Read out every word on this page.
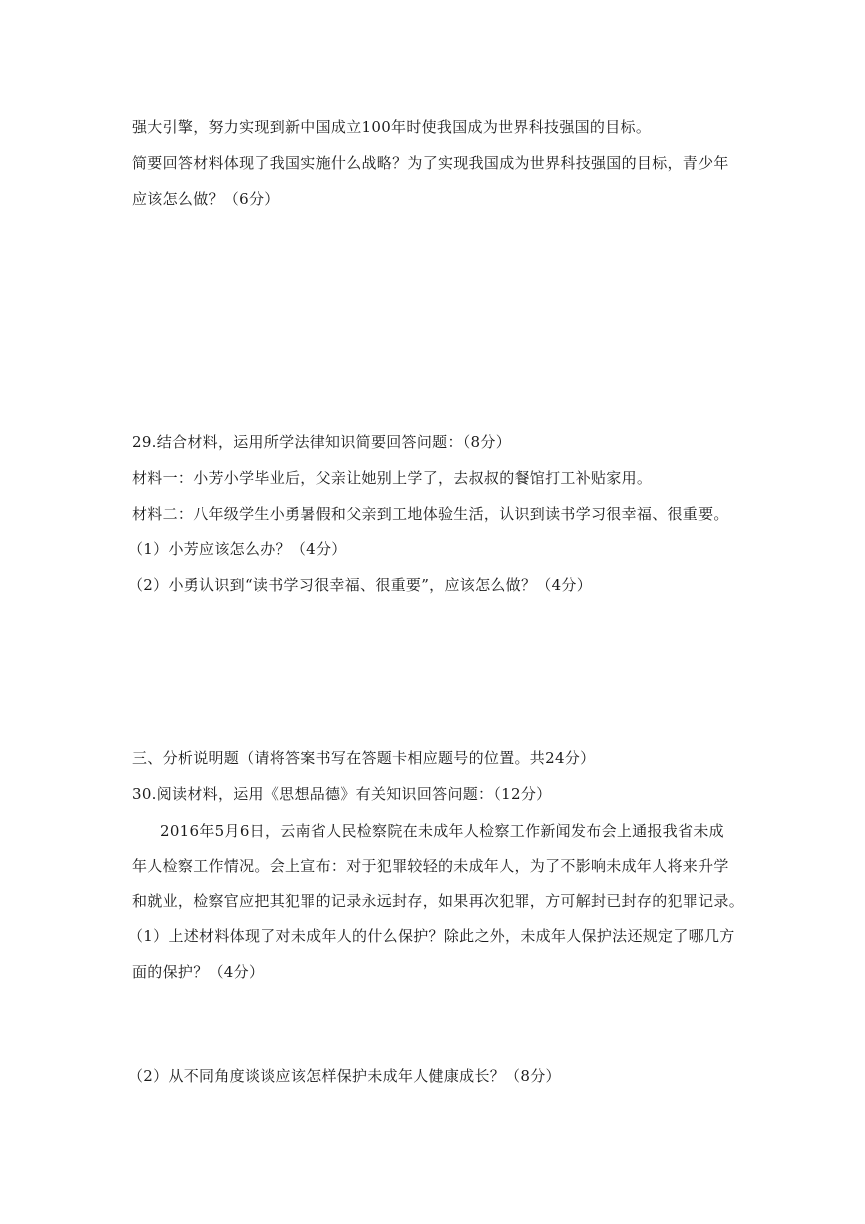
强大引擎，努力实现到新中国成立100年时使我国成为世界科技强国的目标。
简要回答材料体现了我国实施什么战略？为了实现我国成为世界科技强国的目标，青少年
应该怎么做？（6分）
29.结合材料，运用所学法律知识简要回答问题：（8分）
材料一：小芳小学毕业后，父亲让她别上学了，去叔叔的餐馆打工补贴家用。
材料二：八年级学生小勇暑假和父亲到工地体验生活，认识到读书学习很幸福、很重要。
（1）小芳应该怎么办？（4分）
（2）小勇认识到“读书学习很幸福、很重要”，应该怎么做？（4分）
三、分析说明题（请将答案书写在答题卡相应题号的位置。共24分）
30.阅读材料，运用《思想品德》有关知识回答问题：（12分）
2016年5月6日，云南省人民检察院在未成年人检察工作新闻发布会上通报我省未成
年人检察工作情况。会上宣布：对于犯罪较轻的未成年人，为了不影响未成年人将来升学
和就业，检察官应把其犯罪的记录永远封存，如果再次犯罪，方可解封已封存的犯罪记录。
（1）上述材料体现了对未成年人的什么保护？除此之外，未成年人保护法还规定了哪几方
面的保护？（4分）
（2）从不同角度谈谈应该怎样保护未成年人健康成长？（8分）
